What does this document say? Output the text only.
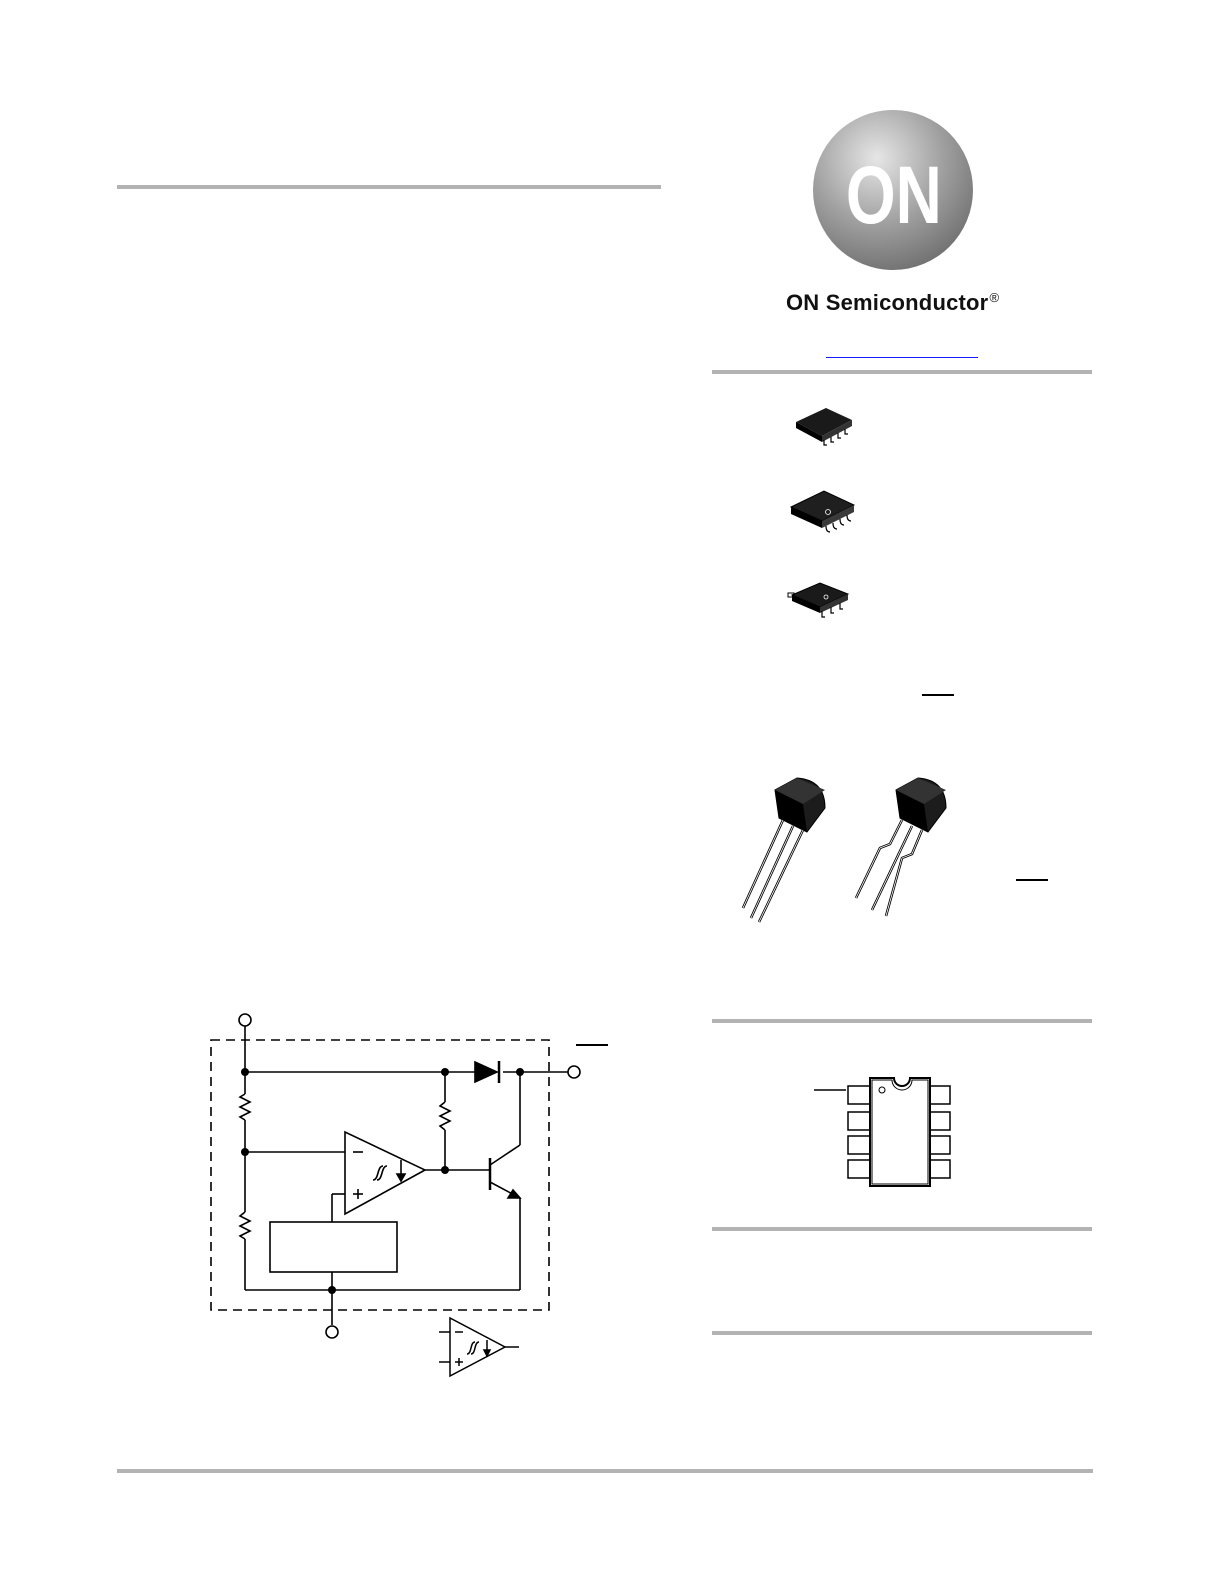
ON
ON Semiconductor®
